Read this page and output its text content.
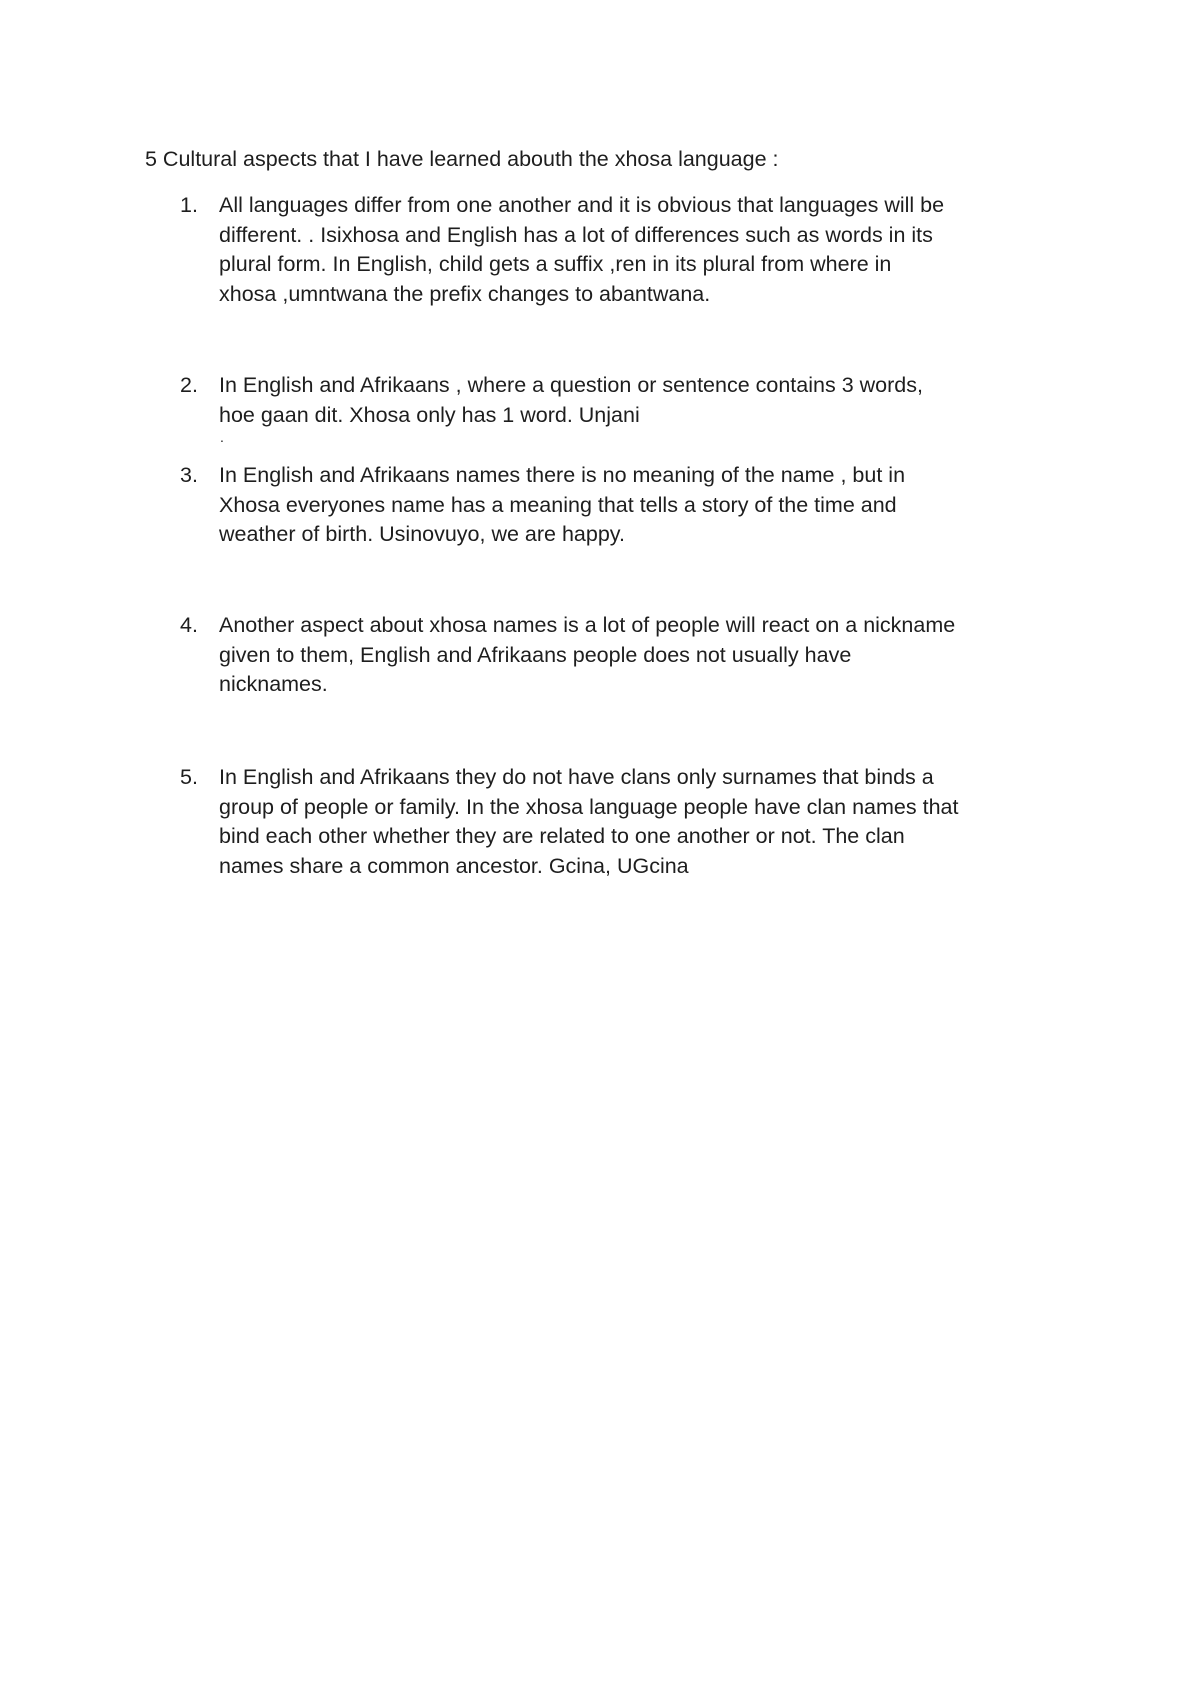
5 Cultural aspects that I have learned abouth the xhosa language :
1. All languages differ from one another and it is obvious that languages will be
different. . Isixhosa and English has a lot of differences such as words in its
plural form. In English, child gets a suffix ,ren in its plural from where in
xhosa ,umntwana the prefix changes to abantwana.

2. In English and Afrikaans , where a question or sentence contains 3 words,
hoe gaan dit. Xhosa only has 1 word. Unjani
.

3. In English and Afrikaans names there is no meaning of the name , but in
Xhosa everyones name has a meaning that tells a story of the time and
weather of birth. Usinovuyo, we are happy.

4. Another aspect about xhosa names is a lot of people will react on a nickname
given to them, English and Afrikaans people does not usually have
nicknames.

5. In English and Afrikaans they do not have clans only surnames that binds a
group of people or family. In the xhosa language people have clan names that
bind each other whether they are related to one another or not. The clan
names share a common ancestor. Gcina, UGcina
